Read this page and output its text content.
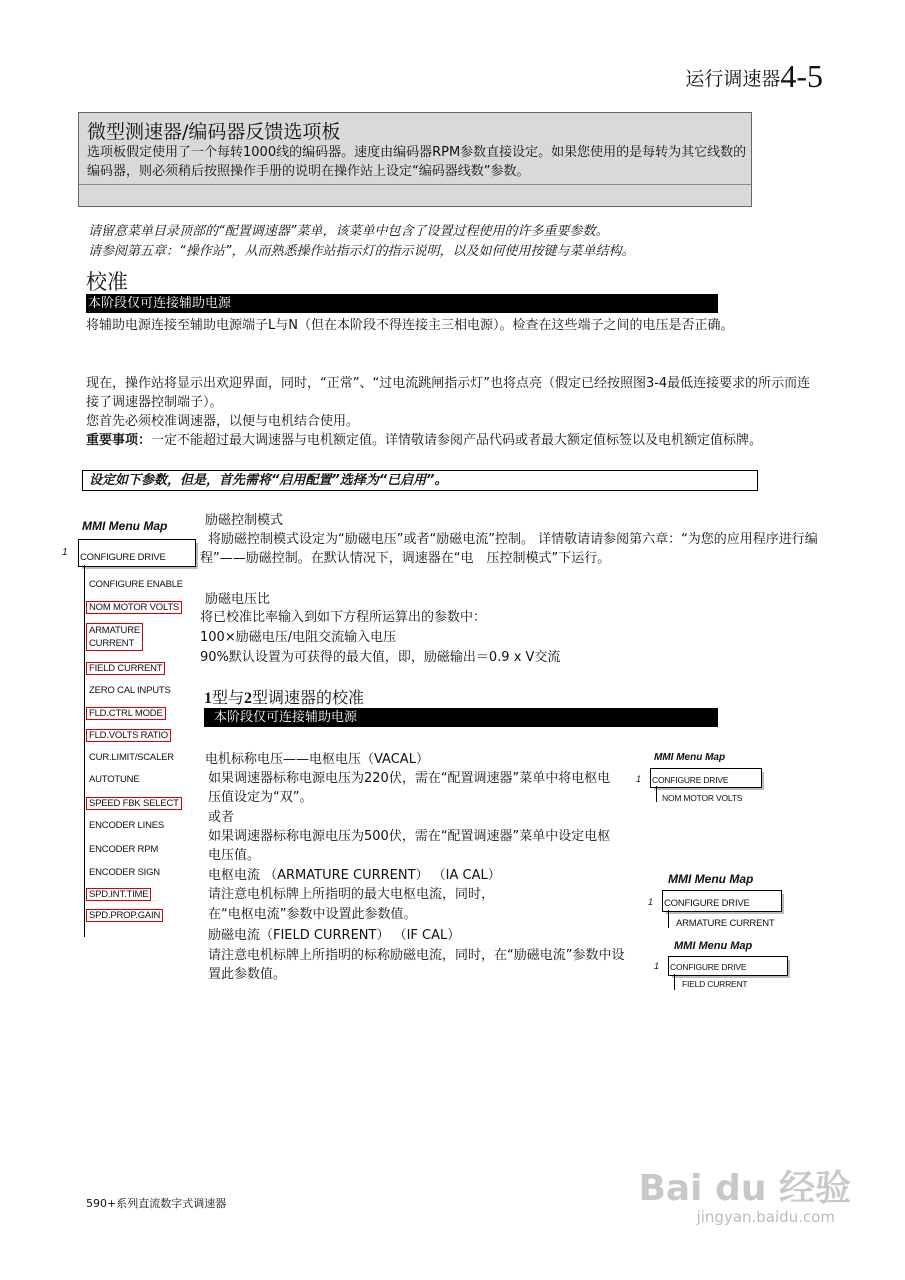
运行调速器4-5
微型测速器/编码器反馈选项板
选项板假定使用了一个每转1000线的编码器。速度由编码器RPM参数直接设定。如果您使用的是每转为其它线数的编码器，则必须稍后按照操作手册的说明在操作站上设定“编码器线数”参数。
请留意菜单目录顶部的“配置调速器”菜单，该菜单中包含了设置过程使用的许多重要参数。
请参阅第五章：“操作站”，从而熟悉操作站指示灯的指示说明，以及如何使用按键与菜单结构。
校准
本阶段仅可连接辅助电源
将辅助电源连接至辅助电源端子L与N（但在本阶段不得连接主三相电源）。检查在这些端子之间的电压是否正确。
现在，操作站将显示出欢迎界面，同时，“正常”、“过电流跳闸指示灯”也将点亮（假定已经按照图3-4最低连接要求的所示而连接了调速器控制端子）。
您首先必须校准调速器，以便与电机结合使用。
重要事项：一定不能超过最大调速器与电机额定值。详情敬请参阅产品代码或者最大额定值标签以及电机额定值标牌。
设定如下参数，但是，首先需将“启用配置”选择为“已启用”。
MMI Menu Map
1 CONFIGURE DRIVE
CONFIGURE ENABLE
NOM MOTOR VOLTS
ARMATURE
CURRENT
FIELD CURRENT
ZERO CAL INPUTS
FLD.CTRL MODE
FLD.VOLTS RATIO
CUR.LIMIT/SCALER
AUTOTUNE
SPEED FBK SELECT
ENCODER LINES
ENCODER RPM
ENCODER SIGN
SPD.INT.TIME
SPD.PROP.GAIN
励磁控制模式
将励磁控制模式设定为“励磁电压”或者“励磁电流”控制。 详情敬请请参阅第六章：“为您的应用程序进行编程”——励磁控制。在默认情况下，调速器在“电　压控制模式”下运行。
励磁电压比
将已校准比率输入到如下方程所运算出的参数中：
100×励磁电压/电阻交流输入电压
90%默认设置为可获得的最大值，即，励磁输出＝0.9 x V交流
1型与2型调速器的校准
本阶段仅可连接辅助电源
电机标称电压——电枢电压（VACAL）
如果调速器标称电源电压为220伏，需在“配置调速器”菜单中将电枢电压值设定为“双”。
或者
如果调速器标称电源电压为500伏，需在“配置调速器”菜单中设定电枢电压值。
电枢电流 （ARMATURE CURRENT） （IA CAL）
请注意电机标牌上所指明的最大电枢电流，同时，
在“电枢电流”参数中设置此参数值。
励磁电流（FIELD CURRENT） （IF CAL）
请注意电机标牌上所指明的标称励磁电流，同时，在“励磁电流”参数中设置此参数值。
MMI Menu Map
1 CONFIGURE DRIVE
NOM MOTOR VOLTS
MMI Menu Map
1 CONFIGURE DRIVE
ARMATURE CURRENT
MMI Menu Map
1 CONFIGURE DRIVE
FIELD CURRENT
590+系列直流数字式调速器	Bai du 经验
jingyan.baidu.com
